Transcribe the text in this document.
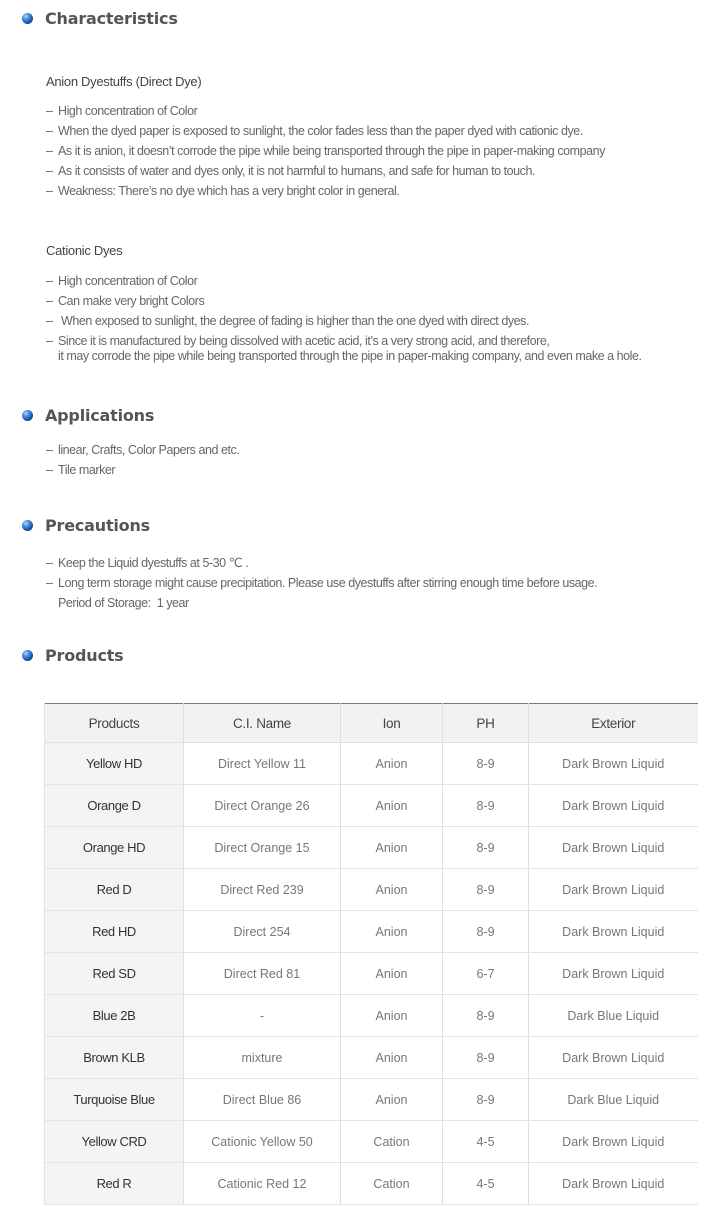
Characteristics
Anion Dyestuffs (Direct Dye)
– High concentration of Color
– When the dyed paper is exposed to sunlight, the color fades less than the paper dyed with cationic dye.
– As it is anion, it doesn’t corrode the pipe while being transported through the pipe in paper-making company
– As it consists of water and dyes only, it is not harmful to humans, and safe for human to touch.
– Weakness: There’s no dye which has a very bright color in general.
Cationic Dyes
– High concentration of Color
– Can make very bright Colors
– When exposed to sunlight, the degree of fading is higher than the one dyed with direct dyes.
– Since it is manufactured by being dissolved with acetic acid, it’s a very strong acid, and therefore,
it may corrode the pipe while being transported through the pipe in paper-making company, and even make a hole.
Applications
– linear, Crafts, Color Papers and etc.
– Tile marker
Precautions
– Keep the Liquid dyestuffs at 5-30 ℃ .
– Long term storage might cause precipitation. Please use dyestuffs after stirring enough time before usage.
Period of Storage:  1 year
Products
Products	C.I. Name	Ion	PH	Exterior
Yellow HD	Direct Yellow 11	Anion	8-9	Dark Brown Liquid
Orange D	Direct Orange 26	Anion	8-9	Dark Brown Liquid
Orange HD	Direct Orange 15	Anion	8-9	Dark Brown Liquid
Red D	Direct Red 239	Anion	8-9	Dark Brown Liquid
Red HD	Direct 254	Anion	8-9	Dark Brown Liquid
Red SD	Direct Red 81	Anion	6-7	Dark Brown Liquid
Blue 2B	-	Anion	8-9	Dark Blue Liquid
Brown KLB	mixture	Anion	8-9	Dark Brown Liquid
Turquoise Blue	Direct Blue 86	Anion	8-9	Dark Blue Liquid
Yellow CRD	Cationic Yellow 50	Cation	4-5	Dark Brown Liquid
Red R	Cationic Red 12	Cation	4-5	Dark Brown Liquid
